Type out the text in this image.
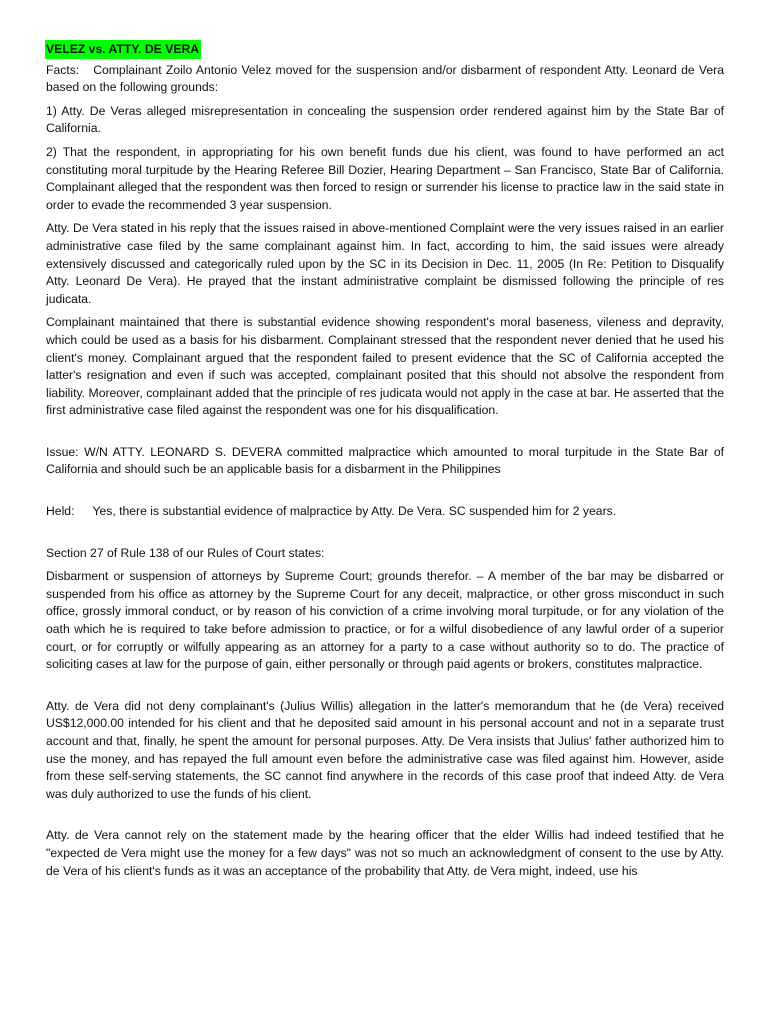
VELEZ vs. ATTY. DE VERA

Facts: Complainant Zoilo Antonio Velez moved for the suspension and/or disbarment of respondent Atty. Leonard de Vera based on the following grounds:

1) Atty. De Veras alleged misrepresentation in concealing the suspension order rendered against him by the State Bar of California.

2) That the respondent, in appropriating for his own benefit funds due his client, was found to have performed an act constituting moral turpitude by the Hearing Referee Bill Dozier, Hearing Department – San Francisco, State Bar of California. Complainant alleged that the respondent was then forced to resign or surrender his license to practice law in the said state in order to evade the recommended 3 year suspension.

Atty. De Vera stated in his reply that the issues raised in above-mentioned Complaint were the very issues raised in an earlier administrative case filed by the same complainant against him. In fact, according to him, the said issues were already extensively discussed and categorically ruled upon by the SC in its Decision in Dec. 11, 2005 (In Re: Petition to Disqualify Atty. Leonard De Vera). He prayed that the instant administrative complaint be dismissed following the principle of res judicata.

Complainant maintained that there is substantial evidence showing respondent's moral baseness, vileness and depravity, which could be used as a basis for his disbarment. Complainant stressed that the respondent never denied that he used his client's money. Complainant argued that the respondent failed to present evidence that the SC of California accepted the latter's resignation and even if such was accepted, complainant posited that this should not absolve the respondent from liability. Moreover, complainant added that the principle of res judicata would not apply in the case at bar. He asserted that the first administrative case filed against the respondent was one for his disqualification.

Issue: W/N ATTY. LEONARD S. DEVERA committed malpractice which amounted to moral turpitude in the State Bar of California and should such be an applicable basis for a disbarment in the Philippines

Held: Yes, there is substantial evidence of malpractice by Atty. De Vera. SC suspended him for 2 years.

Section 27 of Rule 138 of our Rules of Court states:

Disbarment or suspension of attorneys by Supreme Court; grounds therefor. – A member of the bar may be disbarred or suspended from his office as attorney by the Supreme Court for any deceit, malpractice, or other gross misconduct in such office, grossly immoral conduct, or by reason of his conviction of a crime involving moral turpitude, or for any violation of the oath which he is required to take before admission to practice, or for a wilful disobedience of any lawful order of a superior court, or for corruptly or wilfully appearing as an attorney for a party to a case without authority so to do. The practice of soliciting cases at law for the purpose of gain, either personally or through paid agents or brokers, constitutes malpractice.

Atty. de Vera did not deny complainant's (Julius Willis) allegation in the latter's memorandum that he (de Vera) received US$12,000.00 intended for his client and that he deposited said amount in his personal account and not in a separate trust account and that, finally, he spent the amount for personal purposes. Atty. De Vera insists that Julius' father authorized him to use the money, and has repayed the full amount even before the administrative case was filed against him. However, aside from these self-serving statements, the SC cannot find anywhere in the records of this case proof that indeed Atty. de Vera was duly authorized to use the funds of his client.

Atty. de Vera cannot rely on the statement made by the hearing officer that the elder Willis had indeed testified that he "expected de Vera might use the money for a few days" was not so much an acknowledgment of consent to the use by Atty. de Vera of his client's funds as it was an acceptance of the probability that Atty. de Vera might, indeed, use his
